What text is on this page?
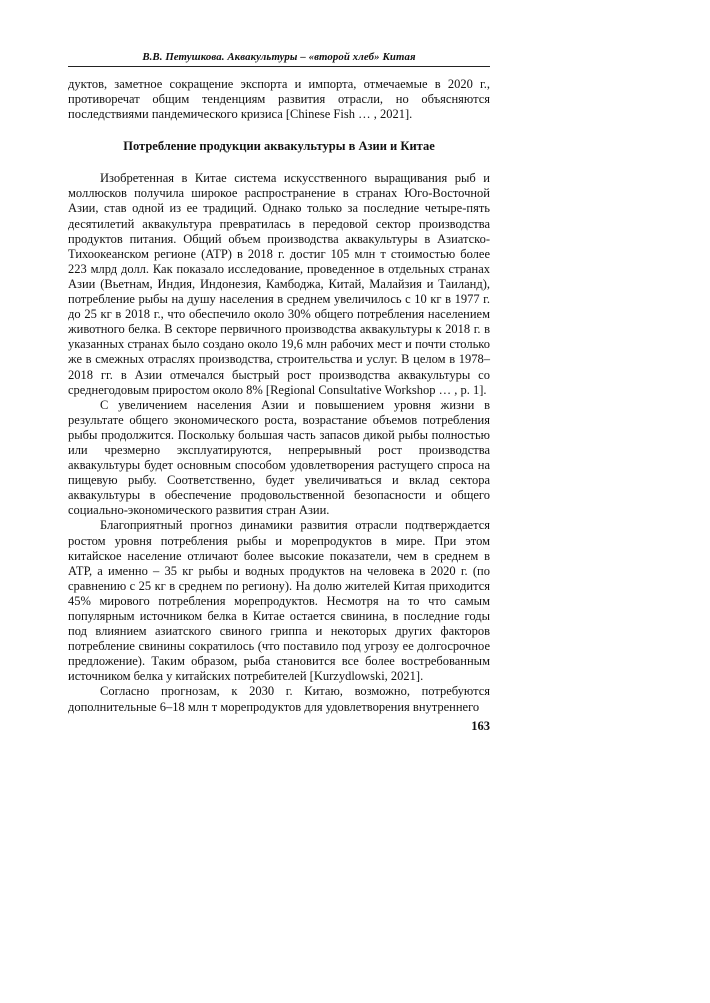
В.В. Петушкова. Аквакультуры – «второй хлеб» Китая

дуктов, заметное сокращение экспорта и импорта, отмечаемые в 2020 г., противоречат общим тенденциям развития отрасли, но объясняются последствиями пандемического кризиса [Chinese Fish … , 2021].

Потребление продукции аквакультуры в Азии и Китае

Изобретенная в Китае система искусственного выращивания рыб и моллюсков получила широкое распространение в странах Юго-Восточной Азии, став одной из ее традиций. Однако только за последние четыре-пять десятилетий аквакультура превратилась в передовой сектор производства продуктов питания. Общий объем производства аквакультуры в Азиатско-Тихоокеанском регионе (АТР) в 2018 г. достиг 105 млн т стоимостью более 223 млрд долл. Как показало исследование, проведенное в отдельных странах Азии (Вьетнам, Индия, Индонезия, Камбоджа, Китай, Малайзия и Таиланд), потребление рыбы на душу населения в среднем увеличилось с 10 кг в 1977 г. до 25 кг в 2018 г., что обеспечило около 30% общего потребления населением животного белка. В секторе первичного производства аквакультуры к 2018 г. в указанных странах было создано около 19,6 млн рабочих мест и почти столько же в смежных отраслях производства, строительства и услуг. В целом в 1978–2018 гг. в Азии отмечался быстрый рост производства аквакультуры со среднегодовым приростом около 8% [Regional Consultative Workshop … , p. 1].

С увеличением населения Азии и повышением уровня жизни в результате общего экономического роста, возрастание объемов потребления рыбы продолжится. Поскольку большая часть запасов дикой рыбы полностью или чрезмерно эксплуатируются, непрерывный рост производства аквакультуры будет основным способом удовлетворения растущего спроса на пищевую рыбу. Соответственно, будет увеличиваться и вклад сектора аквакультуры в обеспечение продовольственной безопасности и общего социально-экономического развития стран Азии.

Благоприятный прогноз динамики развития отрасли подтверждается ростом уровня потребления рыбы и морепродуктов в мире. При этом китайское население отличают более высокие показатели, чем в среднем в АТР, а именно – 35 кг рыбы и водных продуктов на человека в 2020 г. (по сравнению с 25 кг в среднем по региону). На долю жителей Китая приходится 45% мирового потребления морепродуктов. Несмотря на то что самым популярным источником белка в Китае остается свинина, в последние годы под влиянием азиатского свиного гриппа и некоторых других факторов потребление свинины сократилось (что поставило под угрозу ее долгосрочное предложение). Таким образом, рыба становится все более востребованным источником белка у китайских потребителей [Kurzydlowski, 2021].

Согласно прогнозам, к 2030 г. Китаю, возможно, потребуются дополнительные 6–18 млн т морепродуктов для удовлетворения внутреннего

163
